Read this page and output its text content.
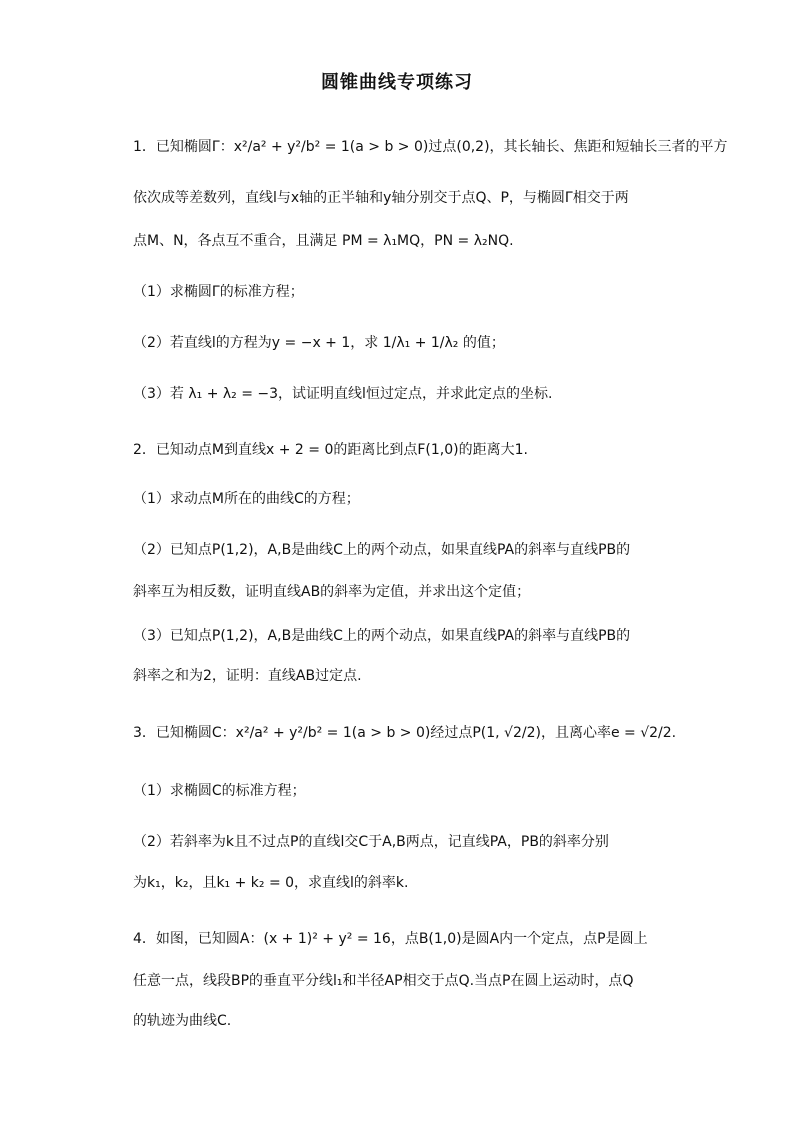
圆锥曲线专项练习
1．已知椭圆Γ：x²/a² + y²/b² = 1(a > b > 0)过点(0,2)，其长轴长、焦距和短轴长三者的平方
依次成等差数列，直线l与x轴的正半轴和y轴分别交于点Q、P，与椭圆Γ相交于两
点M、N，各点互不重合，且满足 PM = λ₁MQ，PN = λ₂NQ.
（1）求椭圆Γ的标准方程；
（2）若直线l的方程为y = −x + 1，求 1/λ₁ + 1/λ₂ 的值；
（3）若 λ₁ + λ₂ = −3，试证明直线l恒过定点，并求此定点的坐标.
2．已知动点M到直线x + 2 = 0的距离比到点F(1,0)的距离大1.
（1）求动点M所在的曲线C的方程；
（2）已知点P(1,2)，A,B是曲线C上的两个动点，如果直线PA的斜率与直线PB的
斜率互为相反数，证明直线AB的斜率为定值，并求出这个定值；
（3）已知点P(1,2)，A,B是曲线C上的两个动点，如果直线PA的斜率与直线PB的
斜率之和为2，证明：直线AB过定点.
3．已知椭圆C：x²/a² + y²/b² = 1(a > b > 0)经过点P(1, √2/2)，且离心率e = √2/2.
（1）求椭圆C的标准方程；
（2）若斜率为k且不过点P的直线l交C于A,B两点，记直线PA，PB的斜率分别
为k₁，k₂，且k₁ + k₂ = 0，求直线l的斜率k.
4．如图，已知圆A：(x + 1)² + y² = 16，点B(1,0)是圆A内一个定点，点P是圆上
任意一点，线段BP的垂直平分线l₁和半径AP相交于点Q.当点P在圆上运动时，点Q
的轨迹为曲线C.
